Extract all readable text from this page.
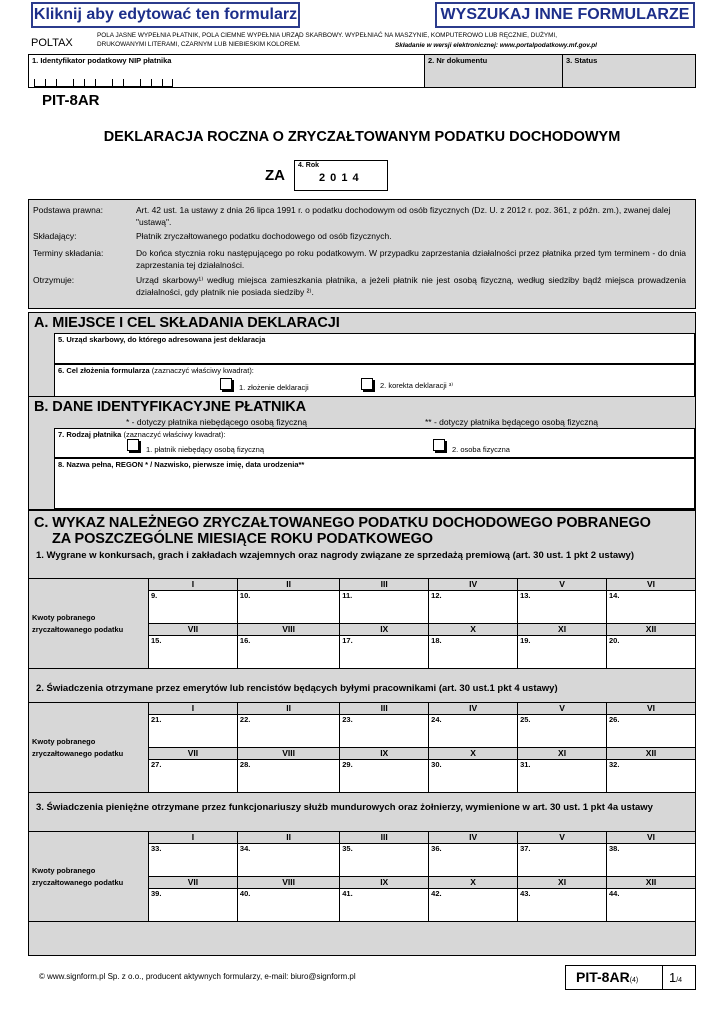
Kliknij aby edytować ten formularz	WYSZUKAJ INNE FORMULARZE
POLTAX
POLA JASNE WYPEŁNIA PŁATNIK, POLA CIEMNE WYPEŁNIA URZĄD SKARBOWY. WYPEŁNIAĆ NA MASZYNIE, KOMPUTEROWO LUB RĘCZNIE, DUŻYMI,
DRUKOWANYMI LITERAMI, CZARNYM LUB NIEBIESKIM KOLOREM.	Składanie w wersji elektronicznej: www.portalpodatkowy.mf.gov.pl
1. Identyfikator podatkowy NIP płatnika	2. Nr dokumentu	3. Status
PIT-8AR
DEKLARACJA ROCZNA O ZRYCZAŁTOWANYM PODATKU DOCHODOWYM
ZA
4. Rok
2 0 1 4
Podstawa prawna:	Art. 42 ust. 1a ustawy z dnia 26 lipca 1991 r. o podatku dochodowym od osób fizycznych (Dz. U. z 2012 r. poz. 361, z późn. zm.), zwanej dalej "ustawą".
Składający:	Płatnik zryczałtowanego podatku dochodowego od osób fizycznych.
Terminy składania:	Do końca stycznia roku następującego po roku podatkowym. W przypadku zaprzestania działalności przez płatnika przed tym terminem - do dnia zaprzestania tej działalności.
Otrzymuje:	Urząd skarbowy¹⁾ według miejsca zamieszkania płatnika, a jeżeli płatnik nie jest osobą fizyczną, według siedziby bądź miejsca prowadzenia działalności, gdy płatnik nie posiada siedziby ²⁾.
A. MIEJSCE I CEL SKŁADANIA DEKLARACJI
5. Urząd skarbowy, do którego adresowana jest deklaracja
6. Cel złożenia formularza (zaznaczyć właściwy kwadrat):
1. złożenie deklaracji	2. korekta deklaracji ³⁾
B. DANE IDENTYFIKACYJNE PŁATNIKA
* - dotyczy płatnika niebędącego osobą fizyczną	** - dotyczy płatnika będącego osobą fizyczną
7. Rodzaj płatnika (zaznaczyć właściwy kwadrat):
1. płatnik niebędący osobą fizyczną	2. osoba fizyczna
8. Nazwa pełna, REGON * / Nazwisko, pierwsze imię, data urodzenia**
C. WYKAZ NALEŻNEGO ZRYCZAŁTOWANEGO PODATKU DOCHODOWEGO POBRANEGO
ZA POSZCZEGÓLNE MIESIĄCE ROKU PODATKOWEGO
1. Wygrane w konkursach, grach i zakładach wzajemnych oraz nagrody związane ze sprzedażą premiową (art. 30 ust. 1 pkt 2 ustawy)
2. Świadczenia otrzymane przez emerytów lub rencistów będących byłymi pracownikami (art. 30 ust.1 pkt 4 ustawy)
3. Świadczenia pieniężne otrzymane przez funkcjonariuszy służb mundurowych oraz żołnierzy, wymienione w art. 30 ust. 1 pkt 4a ustawy
Kwoty pobranego zryczałtowanego podatku	I	II	III	IV	V	VI
	9.	10.	11.	12.	13.	14.
	VII	VIII	IX	X	XI	XII
	15.	16.	17.	18.	19.	20.
Kwoty pobranego zryczałtowanego podatku	I	II	III	IV	V	VI
	21.	22.	23.	24.	25.	26.
	VII	VIII	IX	X	XI	XII
	27.	28.	29.	30.	31.	32.
Kwoty pobranego zryczałtowanego podatku	I	II	III	IV	V	VI
	33.	34.	35.	36.	37.	38.
	VII	VIII	IX	X	XI	XII
	39.	40.	41.	42.	43.	44.
© www.signform.pl Sp. z o.o., producent aktywnych formularzy, e-mail: biuro@signform.pl	PIT-8AR(4)	1/4
